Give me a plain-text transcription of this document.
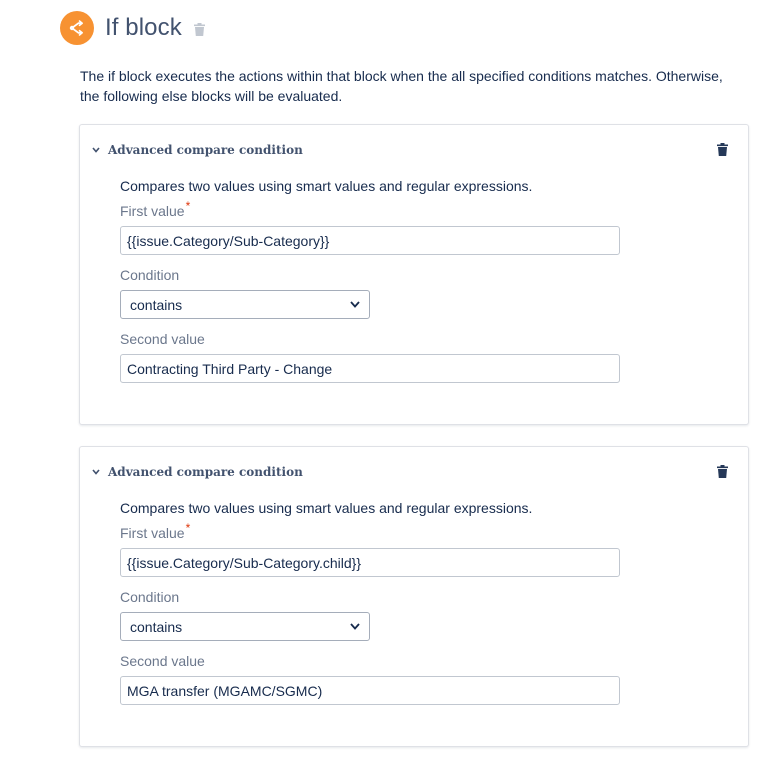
If block
The if block executes the actions within that block when the all specified conditions matches. Otherwise, the following else blocks will be evaluated.
Advanced compare condition
Compares two values using smart values and regular expressions.
First value*
{{issue.Category/Sub-Category}}
Condition
contains
Second value
Contracting Third Party - Change
Advanced compare condition
Compares two values using smart values and regular expressions.
First value*
{{issue.Category/Sub-Category.child}}
Condition
contains
Second value
MGA transfer (MGAMC/SGMC)
